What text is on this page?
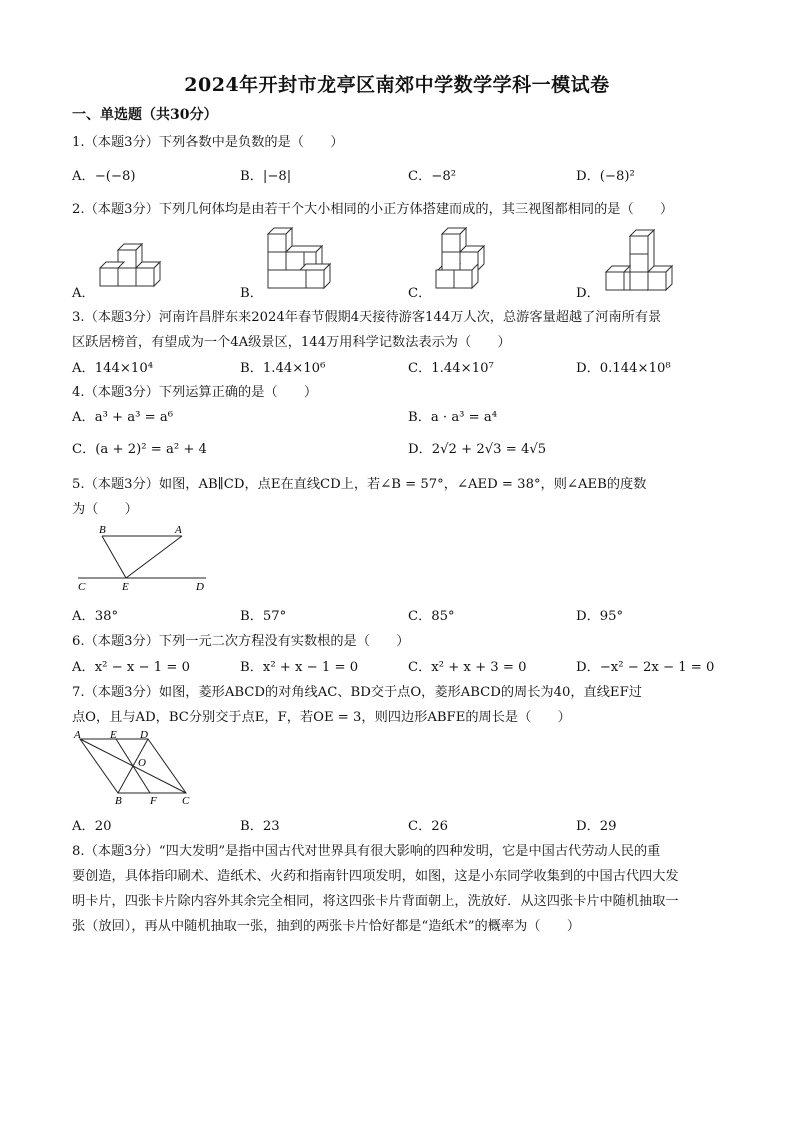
2024年开封市龙亭区南郊中学数学学科一模试卷
一、单选题（共30分）
1.（本题3分）下列各数中是负数的是（　　）
A．−(−8)	B．|−8|	C．−8²	D．(−8)²
2.（本题3分）下列几何体均是由若干个大小相同的小正方体搭建而成的，其三视图都相同的是（　　）
A．	B．	C．	D．
3.（本题3分）河南许昌胖东来2024年春节假期4天接待游客144万人次，总游客量超越了河南所有景
区跃居榜首，有望成为一个4A级景区，144万用科学记数法表示为（　　）
A．144×10⁴	B．1.44×10⁶	C．1.44×10⁷	D．0.144×10⁸
4.（本题3分）下列运算正确的是（　　）
A．a³ + a³ = a⁶	B．a · a³ = a⁴
C．(a + 2)² = a² + 4	D．2√2 + 2√3 = 4√5
5.（本题3分）如图，AB∥CD，点E在直线CD上，若∠B = 57°，∠AED = 38°，则∠AEB的度数
为（　　）
B	A
C	E	D
A．38°	B．57°	C．85°	D．95°
6.（本题3分）下列一元二次方程没有实数根的是（　　）
A．x² − x − 1 = 0	B．x² + x − 1 = 0	C．x² + x + 3 = 0	D．−x² − 2x − 1 = 0
7.（本题3分）如图，菱形ABCD的对角线AC、BD交于点O，菱形ABCD的周长为40，直线EF过
点O，且与AD，BC分别交于点E，F，若OE = 3，则四边形ABFE的周长是（　　）
A	E D
O
B	F C
A．20	B．23	C．26	D．29
8.（本题3分）“四大发明”是指中国古代对世界具有很大影响的四种发明，它是中国古代劳动人民的重
要创造，具体指印刷术、造纸术、火药和指南针四项发明，如图，这是小东同学收集到的中国古代四大发
明卡片，四张卡片除内容外其余完全相同，将这四张卡片背面朝上，洗放好．从这四张卡片中随机抽取一
张（放回），再从中随机抽取一张，抽到的两张卡片恰好都是“造纸术”的概率为（　　）
